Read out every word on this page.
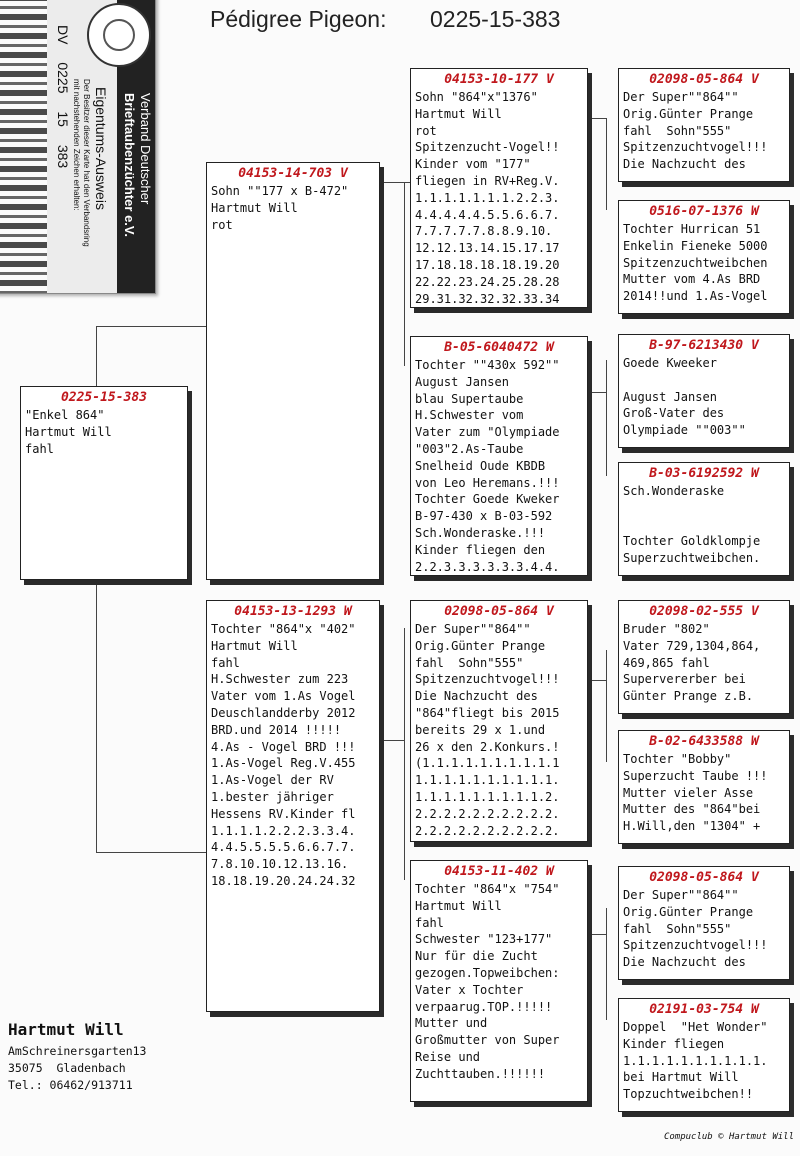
Pédigree Pigeon: 0225-15-383
Verband Deutscher
Brieftaubenzüchter e.V.
Eigentums-Ausweis
Der Besitzer dieser Karte hat den Verbandsring
mit nachstehenden Zeichen erhalten:
DV 0225 15 383
0225-15-383
"Enkel 864"
Hartmut Will
fahl
04153-14-703 V
Sohn ""177 x B-472"
Hartmut Will
rot
04153-13-1293 W
Tochter "864"x "402"
Hartmut Will
fahl
H.Schwester zum 223
Vater vom 1.As Vogel
Deuschlandderby 2012
BRD.und 2014 !!!!!
4.As - Vogel BRD !!!
1.As-Vogel Reg.V.455
1.As-Vogel der RV
1.bester jähriger
Hessens RV.Kinder fl
1.1.1.1.2.2.2.3.3.4.
4.4.5.5.5.5.6.6.7.7.
7.8.10.10.12.13.16.
18.18.19.20.24.24.32
04153-10-177 V
Sohn "864"x"1376"
Hartmut Will
rot
Spitzenzucht-Vogel!!
Kinder vom "177"
fliegen in RV+Reg.V.
1.1.1.1.1.1.1.2.2.3.
4.4.4.4.4.5.5.6.6.7.
7.7.7.7.7.8.8.9.10.
12.12.13.14.15.17.17
17.18.18.18.18.19.20
22.22.23.24.25.28.28
29.31.32.32.32.33.34
B-05-6040472 W
Tochter ""430x 592""
August Jansen
blau Supertaube
H.Schwester vom
Vater zum "Olympiade
"003"2.As-Taube
Snelheid Oude KBDB
von Leo Heremans.!!!
Tochter Goede Kweker
B-97-430 x B-03-592
Sch.Wonderaske.!!!
Kinder fliegen den
2.2.3.3.3.3.3.3.4.4.
02098-05-864 V
Der Super""864""
Orig.Günter Prange
fahl  Sohn"555"
Spitzenzuchtvogel!!!
Die Nachzucht des
"864"fliegt bis 2015
bereits 29 x 1.und
26 x den 2.Konkurs.!
(1.1.1.1.1.1.1.1.1.1
1.1.1.1.1.1.1.1.1.1.
1.1.1.1.1.1.1.1.1.2.
2.2.2.2.2.2.2.2.2.2.
2.2.2.2.2.2.2.2.2.2.
04153-11-402 W
Tochter "864"x "754"
Hartmut Will
fahl
Schwester "123+177"
Nur für die Zucht
gezogen.Topweibchen:
Vater x Tochter
verpaarug.TOP.!!!!!
Mutter und
Großmutter von Super
Reise und
Zuchttauben.!!!!!!
02098-05-864 V
Der Super""864""
Orig.Günter Prange
fahl  Sohn"555"
Spitzenzuchtvogel!!!
Die Nachzucht des
0516-07-1376 W
Tochter Hurrican 51
Enkelin Fieneke 5000
Spitzenzuchtweibchen
Mutter vom 4.As BRD
2014!!und 1.As-Vogel
B-97-6213430 V
Goede Kweeker

August Jansen
Groß-Vater des
Olympiade ""003""
B-03-6192592 W
Sch.Wonderaske

Tochter Goldklompje
Superzuchtweibchen.
02098-02-555 V
Bruder "802"
Vater 729,1304,864,
469,865 fahl
Supervererber bei
Günter Prange z.B.
B-02-6433588 W
Tochter "Bobby"
Superzucht Taube !!!
Mutter vieler Asse
Mutter des "864"bei
H.Will,den "1304" +
02098-05-864 V
Der Super""864""
Orig.Günter Prange
fahl  Sohn"555"
Spitzenzuchtvogel!!!
Die Nachzucht des
02191-03-754 W
Doppel  "Het Wonder"
Kinder fliegen
1.1.1.1.1.1.1.1.1.1.
bei Hartmut Will
Topzuchtweibchen!!
Hartmut Will
AmSchreinersgarten13
35075  Gladenbach
Tel.: 06462/913711
Compuclub © Hartmut Will
